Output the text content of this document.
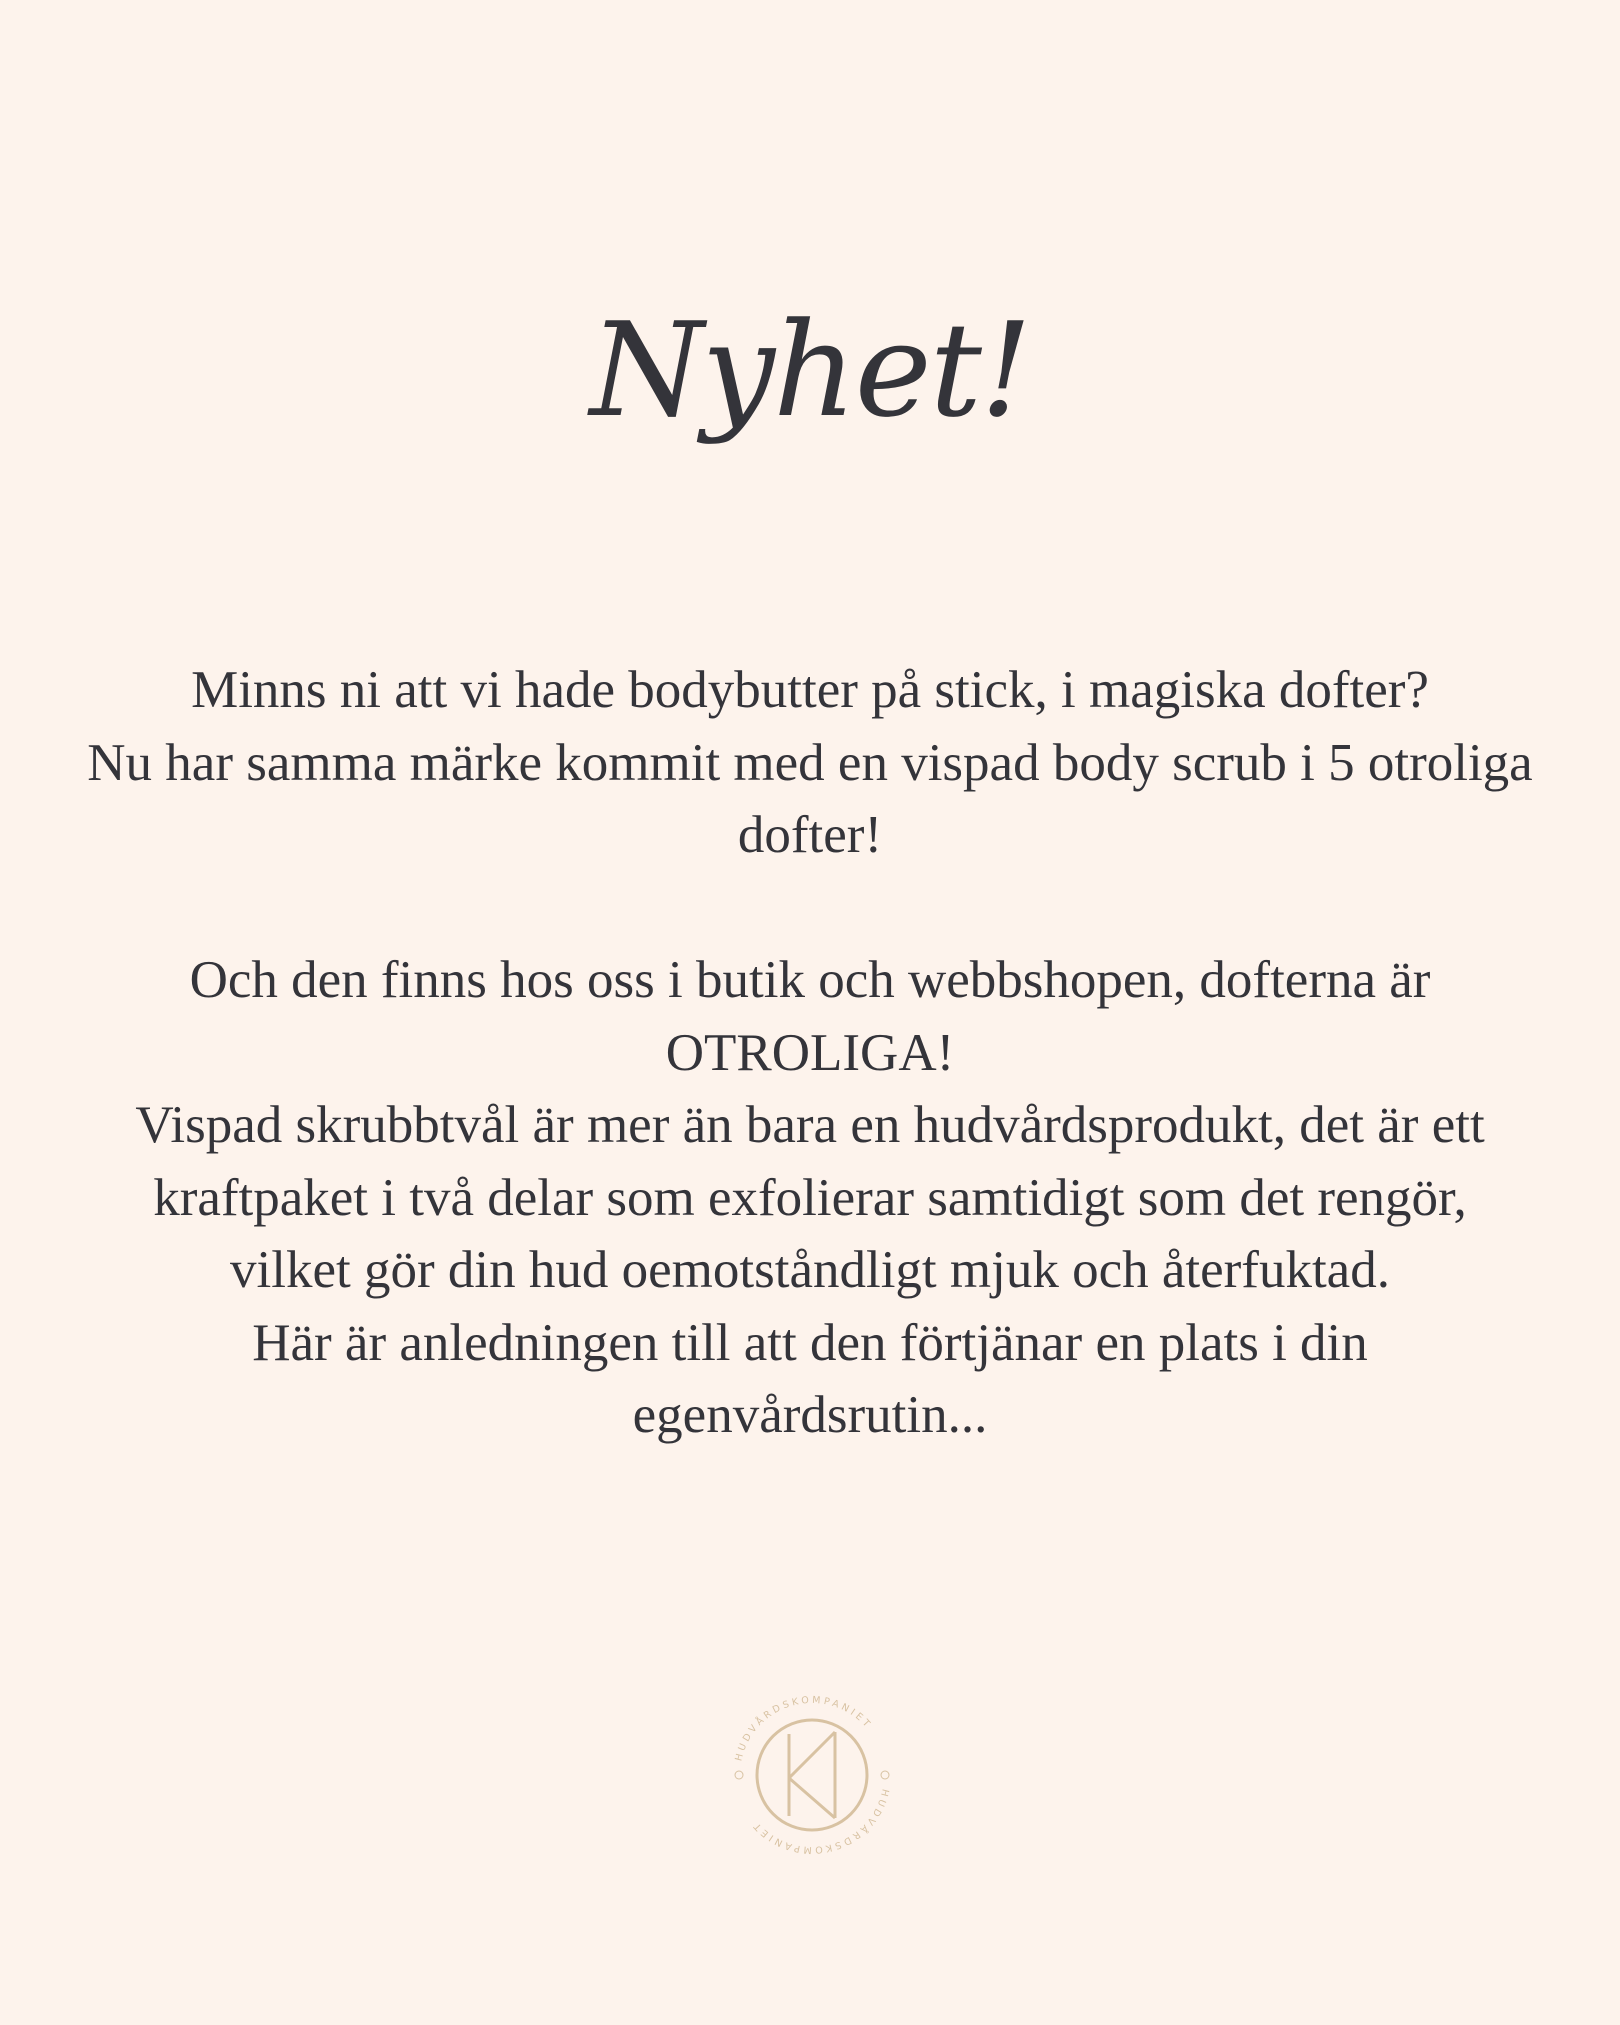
Nyhet!
Minns ni att vi hade bodybutter på stick, i magiska dofter?
Nu har samma märke kommit med en vispad body scrub i 5 otroliga
dofter!
Och den finns hos oss i butik och webbshopen, dofterna är
OTROLIGA!
Vispad skrubbtvål är mer än bara en hudvårdsprodukt, det är ett
kraftpaket i två delar som exfolierar samtidigt som det rengör,
vilket gör din hud oemotståndligt mjuk och återfuktad.
Här är anledningen till att den förtjänar en plats i din
egenvårdsrutin...
HUDVÅRDSKOMPANIET
HUDVÅRDSKOMPANIET
